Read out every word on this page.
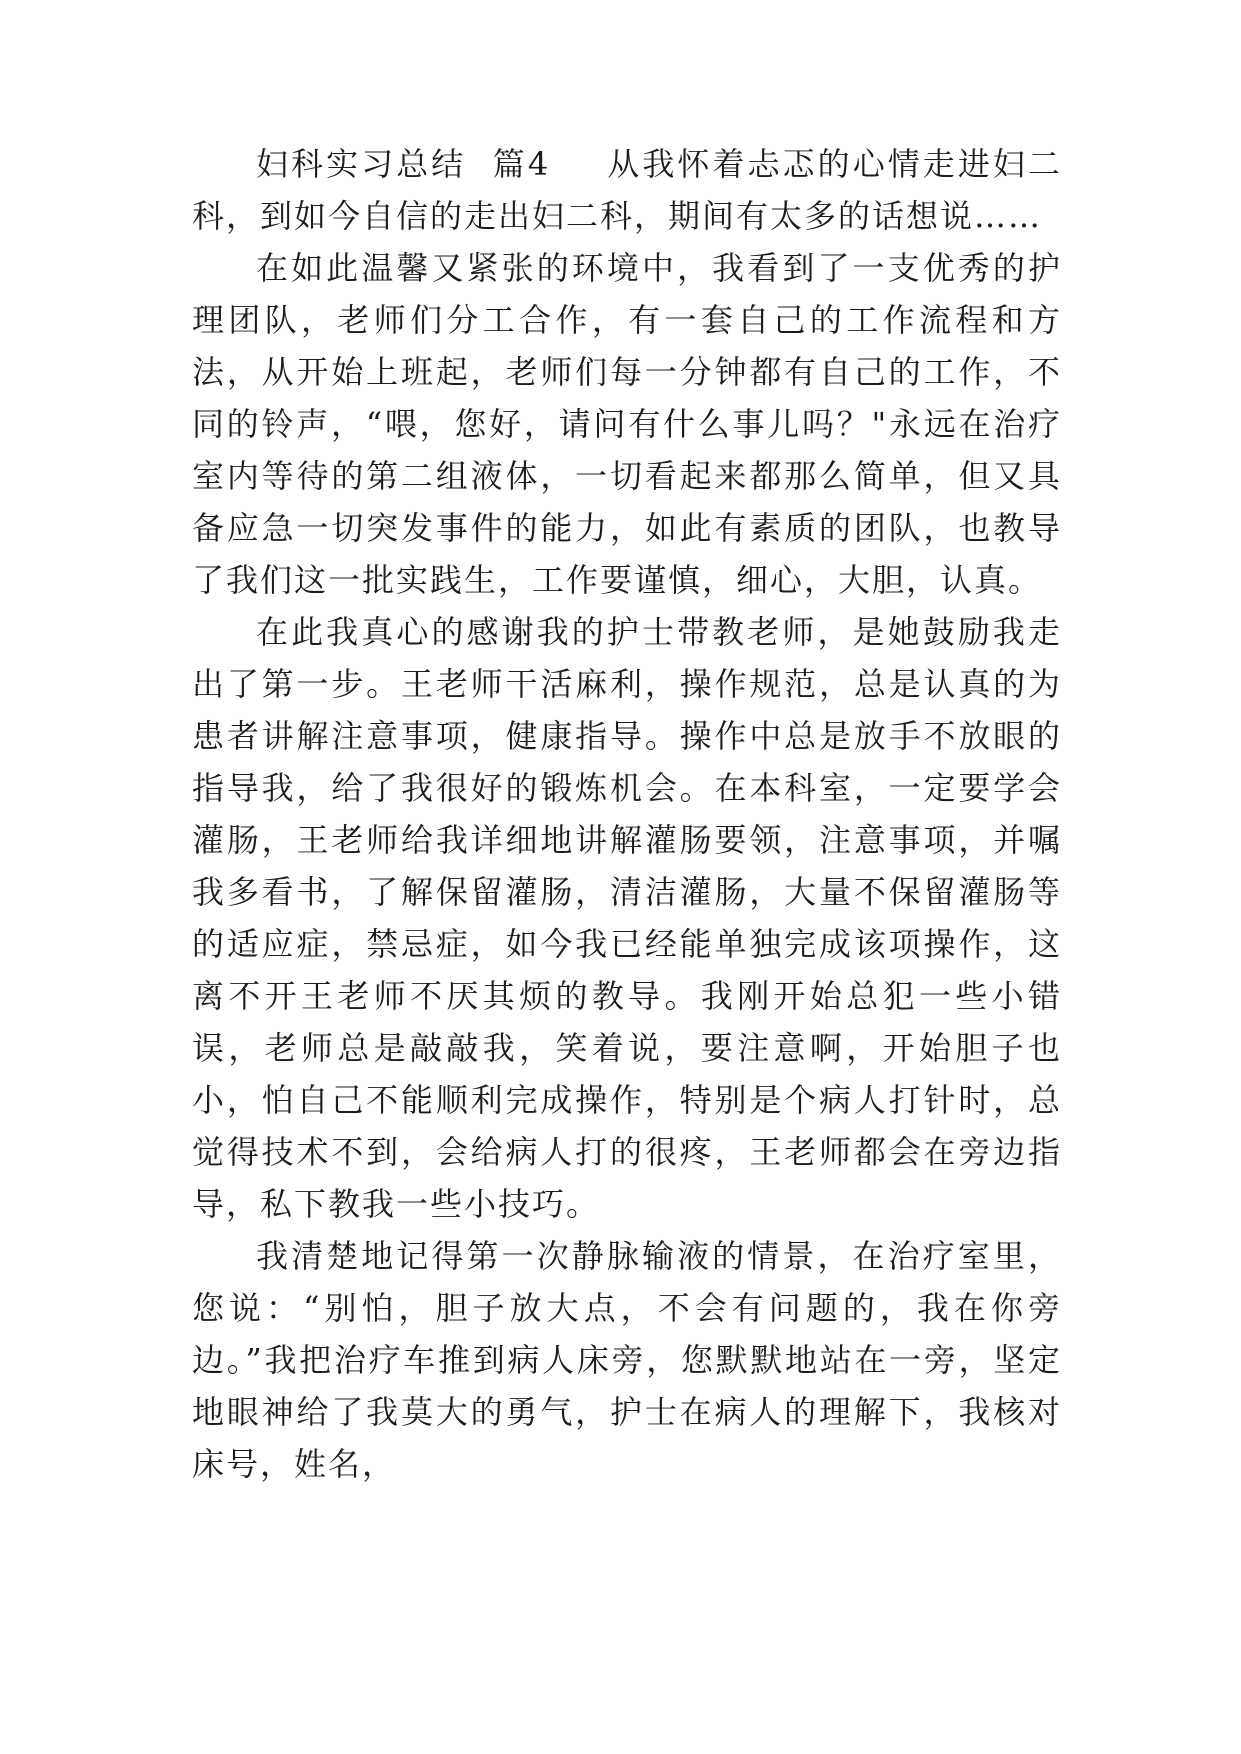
妇科实习总结  篇4 从我怀着忐忑的心情走进妇二科，到如今自信的走出妇二科，期间有太多的话想说……

在如此温馨又紧张的环境中，我看到了一支优秀的护理团队，老师们分工合作，有一套自己的工作流程和方法，从开始上班起，老师们每一分钟都有自己的工作，不同的铃声，“喂，您好，请问有什么事儿吗？"永远在治疗室内等待的第二组液体，一切看起来都那么简单，但又具备应急一切突发事件的能力，如此有素质的团队，也教导了我们这一批实践生，工作要谨慎，细心，大胆，认真。

在此我真心的感谢我的护士带教老师，是她鼓励我走出了第一步。王老师干活麻利，操作规范，总是认真的为患者讲解注意事项，健康指导。操作中总是放手不放眼的指导我，给了我很好的锻炼机会。在本科室，一定要学会灌肠，王老师给我详细地讲解灌肠要领，注意事项，并嘱我多看书，了解保留灌肠，清洁灌肠，大量不保留灌肠等的适应症，禁忌症，如今我已经能单独完成该项操作，这离不开王老师不厌其烦的教导。我刚开始总犯一些小错误，老师总是敲敲我，笑着说，要注意啊，开始胆子也小，怕自己不能顺利完成操作，特别是个病人打针时，总觉得技术不到，会给病人打的很疼，王老师都会在旁边指导，私下教我一些小技巧。

我清楚地记得第一次静脉输液的情景，在治疗室里，您说：“别怕，胆子放大点，不会有问题的，我在你旁边。”我把治疗车推到病人床旁，您默默地站在一旁，坚定地眼神给了我莫大的勇气，护士在病人的理解下，我核对床号，姓名，
